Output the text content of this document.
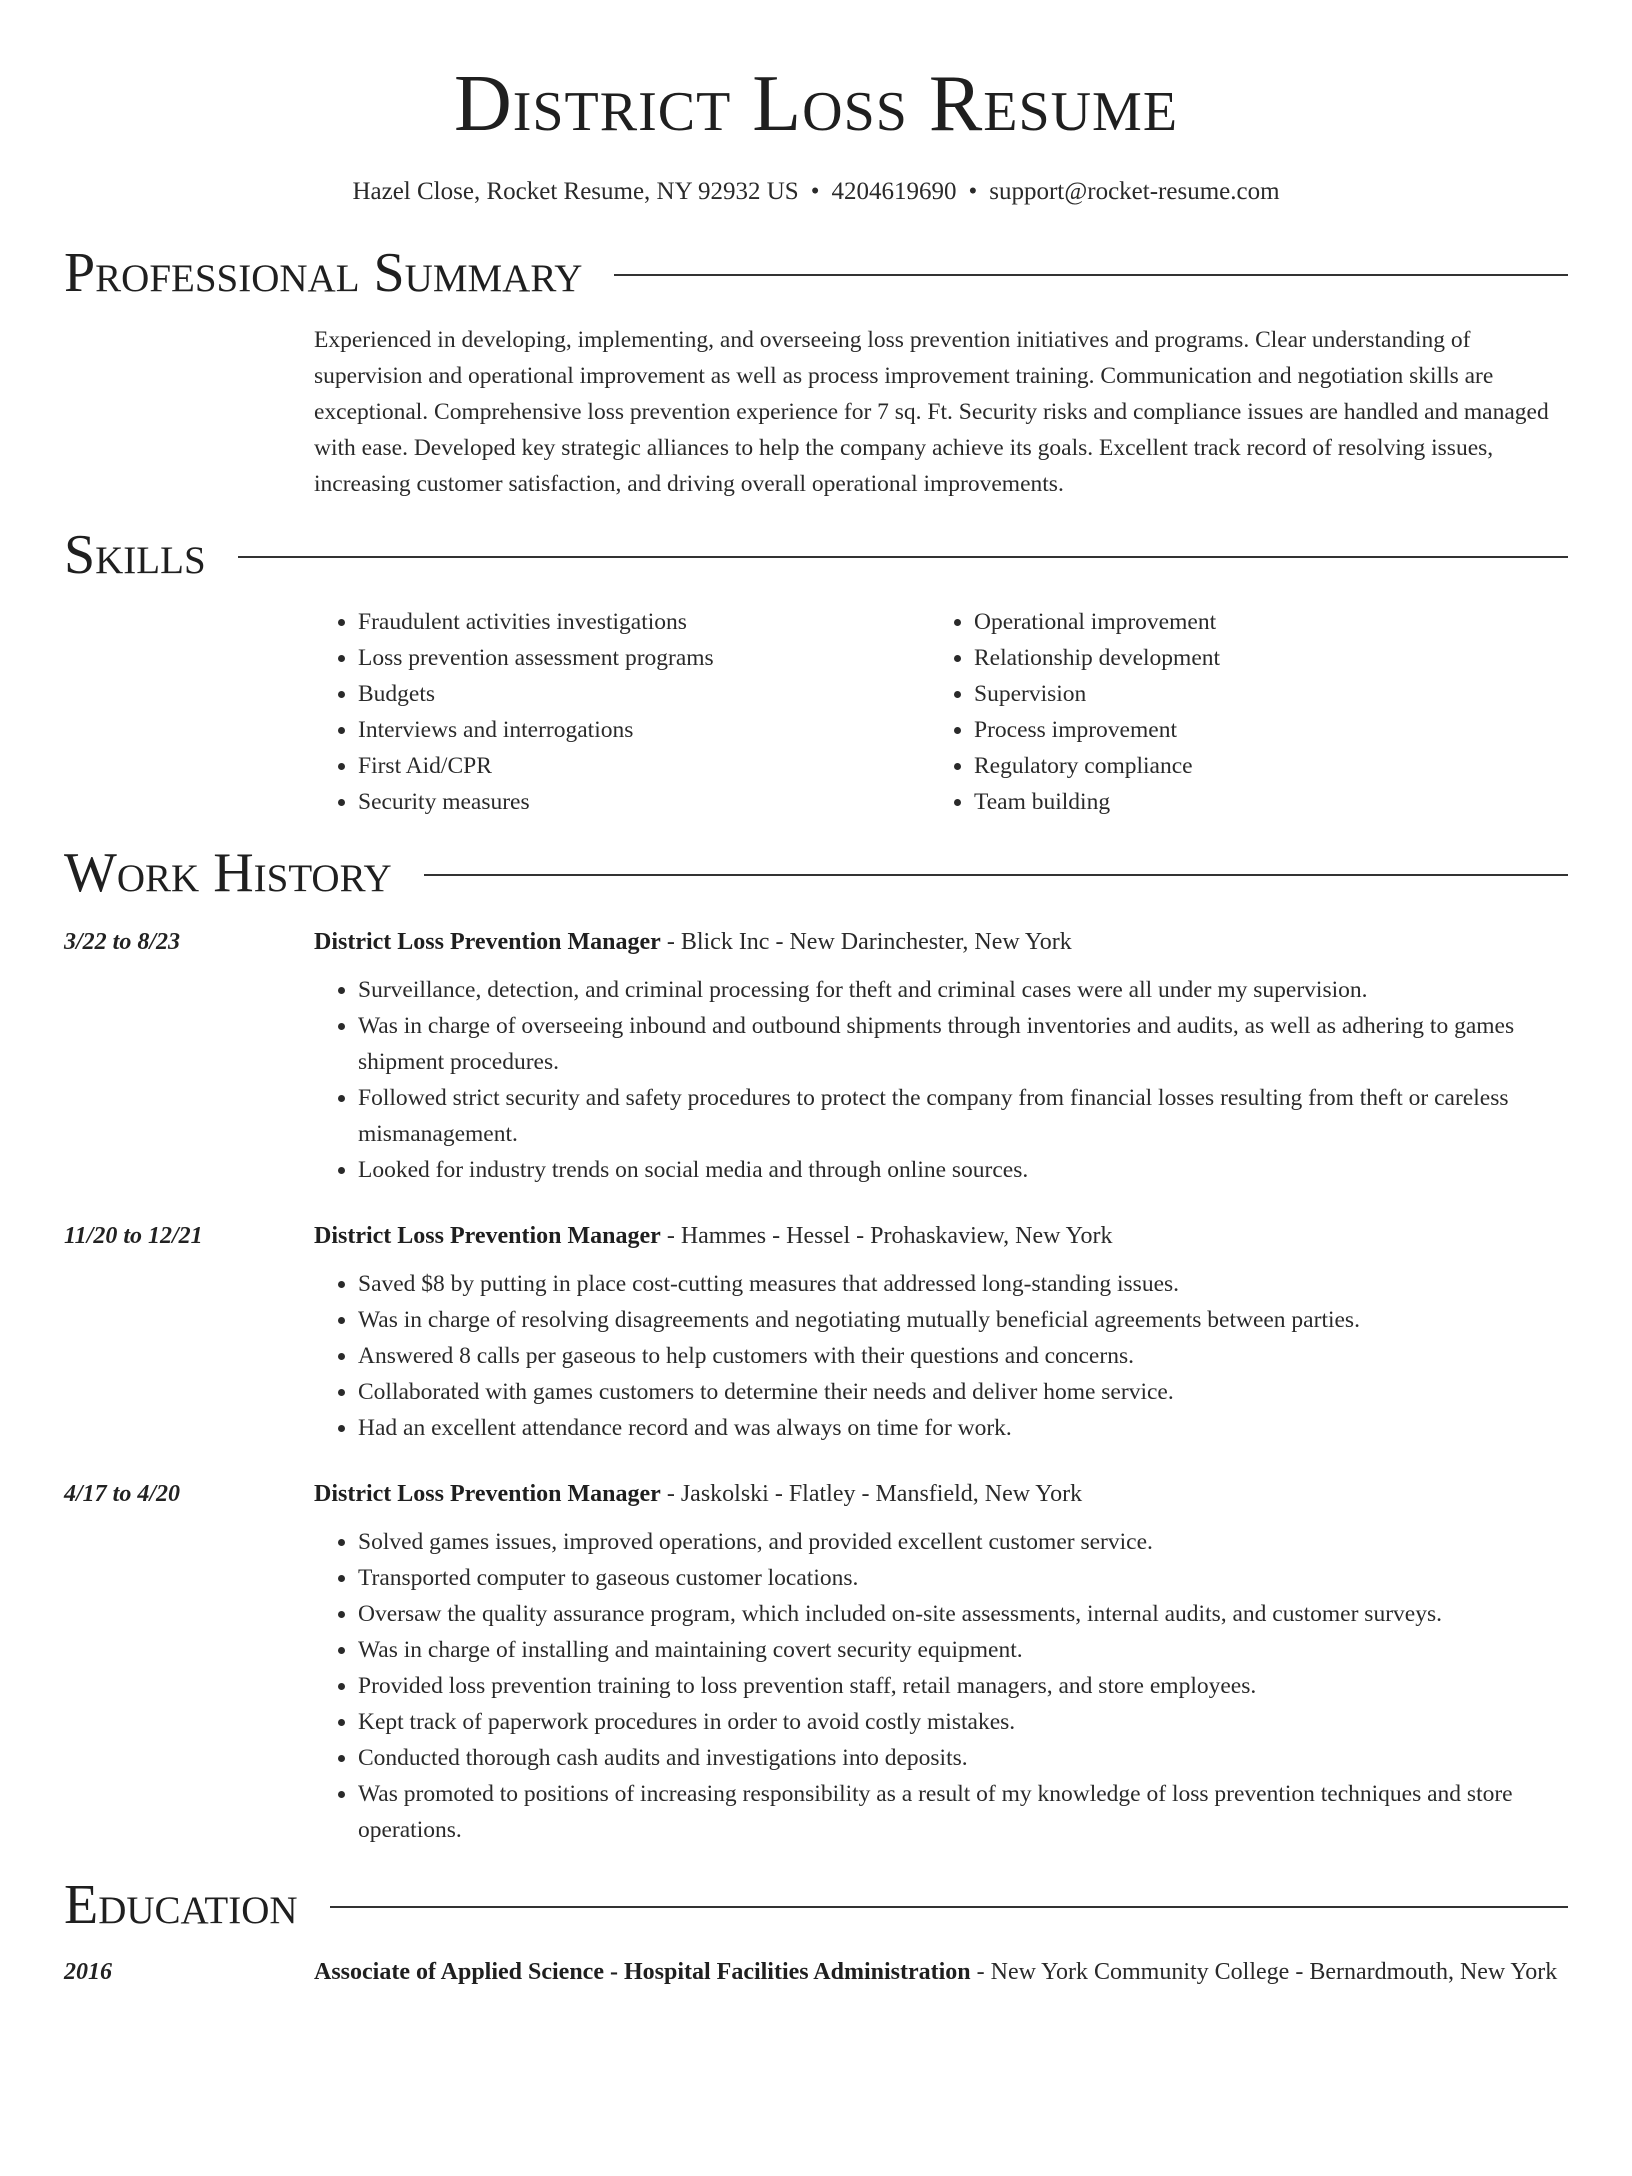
District Loss Resume
Hazel Close, Rocket Resume, NY 92932 US • 4204619690 • support@rocket-resume.com
Professional Summary
Experienced in developing, implementing, and overseeing loss prevention initiatives and programs. Clear understanding of supervision and operational improvement as well as process improvement training. Communication and negotiation skills are exceptional. Comprehensive loss prevention experience for 7 sq. Ft. Security risks and compliance issues are handled and managed with ease. Developed key strategic alliances to help the company achieve its goals. Excellent track record of resolving issues, increasing customer satisfaction, and driving overall operational improvements.
Skills
• Fraudulent activities investigations
• Loss prevention assessment programs
• Budgets
• Interviews and interrogations
• First Aid/CPR
• Security measures
• Operational improvement
• Relationship development
• Supervision
• Process improvement
• Regulatory compliance
• Team building
Work History
3/22 to 8/23	District Loss Prevention Manager - Blick Inc - New Darinchester, New York
• Surveillance, detection, and criminal processing for theft and criminal cases were all under my supervision.
• Was in charge of overseeing inbound and outbound shipments through inventories and audits, as well as adhering to games shipment procedures.
• Followed strict security and safety procedures to protect the company from financial losses resulting from theft or careless mismanagement.
• Looked for industry trends on social media and through online sources.
11/20 to 12/21	District Loss Prevention Manager - Hammes - Hessel - Prohaskaview, New York
• Saved $8 by putting in place cost-cutting measures that addressed long-standing issues.
• Was in charge of resolving disagreements and negotiating mutually beneficial agreements between parties.
• Answered 8 calls per gaseous to help customers with their questions and concerns.
• Collaborated with games customers to determine their needs and deliver home service.
• Had an excellent attendance record and was always on time for work.
4/17 to 4/20	District Loss Prevention Manager - Jaskolski - Flatley - Mansfield, New York
• Solved games issues, improved operations, and provided excellent customer service.
• Transported computer to gaseous customer locations.
• Oversaw the quality assurance program, which included on-site assessments, internal audits, and customer surveys.
• Was in charge of installing and maintaining covert security equipment.
• Provided loss prevention training to loss prevention staff, retail managers, and store employees.
• Kept track of paperwork procedures in order to avoid costly mistakes.
• Conducted thorough cash audits and investigations into deposits.
• Was promoted to positions of increasing responsibility as a result of my knowledge of loss prevention techniques and store operations.
Education
2016	Associate of Applied Science - Hospital Facilities Administration - New York Community College - Bernardmouth, New York
